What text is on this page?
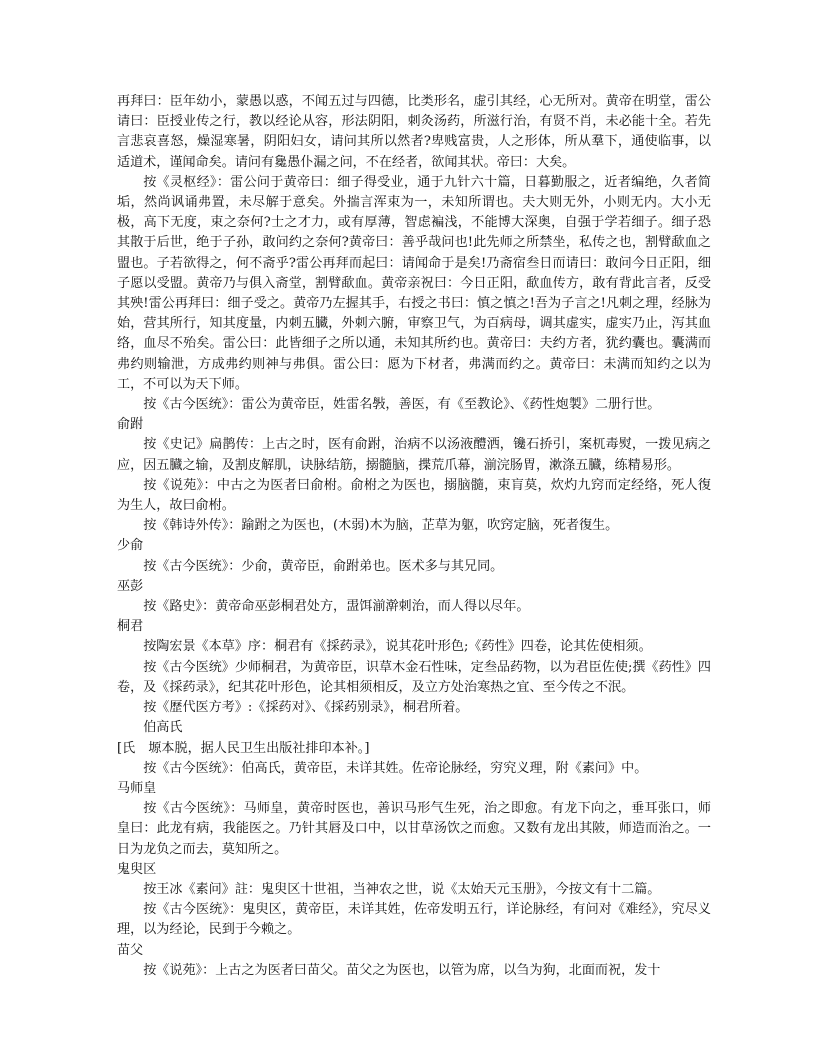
再拜曰：臣年幼小，蒙愚以惑，不闻五过与四德，比类形名，虚引其经，心无所对。黄帝在明堂，雷公请曰：臣授业传之行，教以经论从容，形法阴阳，刺灸汤药，所滋行治，有贤不肖，未必能十全。若先言悲哀喜怒，燥湿寒暑，阴阳妇女，请问其所以然者?卑贱富贵，人之形体，所从羣下，通使临事，以适道术，谨闻命矣。请问有毚愚仆漏之问，不在经者，欲闻其状。帝曰：大矣。

按《灵枢经》：雷公问于黄帝曰：细子得受业，通于九针六十篇，日暮勤服之，近者编绝，久者简垢，然尚讽诵弗置，未尽解于意矣。外揣言浑束为一，未知所谓也。夫大则无外，小则无内。大小无极，高下无度，束之奈何?士之才力，或有厚薄，智虑褊浅，不能博大深奥，自强于学若细子。细子恐其散于后世，绝于子孙，敢问约之奈何?黄帝曰：善乎哉问也!此先师之所禁坐，私传之也，割臂歃血之盟也。子若欲得之，何不斋乎?雷公再拜而起曰：请闻命于是矣!乃斋宿叁日而请曰：敢问今日正阳，细子愿以受盟。黄帝乃与俱入斋堂，割臂歃血。黄帝亲祝曰：今日正阳，歃血传方，敢有背此言者，反受其殃!雷公再拜曰：细子受之。黄帝乃左握其手，右授之书曰：慎之慎之!吾为子言之!凡刺之理，经脉为始，营其所行，知其度量，内刺五臓，外刺六腑，审察卫气，为百病母，调其虚实，虚实乃止，泻其血络，血尽不殆矣。雷公曰：此皆细子之所以通，未知其所约也。黄帝曰：夫约方者，犹约囊也。囊满而弗约则输泄，方成弗约则神与弗俱。雷公曰：愿为下材者，弗满而约之。黄帝曰：未满而知约之以为工，不可以为天下师。

按《古今医统》：雷公为黄帝臣，姓雷名斅，善医，有《至教论》、《药性炮製》二册行世。

俞跗

按《史记》扁鹊传：上古之时，医有俞跗，治病不以汤液醴洒，镵石挢引，案杌毒熨，一拨见病之应，因五臓之输，及割皮解肌，诀脉结筋，搦髓脑，揲荒爪幕，湔浣肠胃，漱涤五臓，练精易形。

按《说苑》：中古之为医者曰俞柎。俞柎之为医也，搦脑髓，束肓莫，炊灼九窍而定经络，死人復为生人，故曰俞柎。

按《韩诗外传》：踰跗之为医也，(木弱)木为脑，芷草为躯，吹窍定脑，死者復生。

少俞

按《古今医统》：少俞，黄帝臣，俞跗弟也。医术多与其兄同。

巫彭

按《路史》：黄帝命巫彭桐君处方，盄饵湔澣刺治，而人得以尽年。

桐君

按陶宏景《本草》序：桐君有《採药录》，说其花叶形色;《药性》四卷，论其佐使相须。

按《古今医统》少师桐君，为黄帝臣，识草木金石性味，定叁品药物，以为君臣佐使;撰《药性》四卷，及《採药录》，纪其花叶形色，论其相须相反，及立方处治寒热之宜、至今传之不泯。

按《歷代医方考》:《採药对》、《採药别录》，桐君所着。

伯高氏

[氏　塬本脱，据人民卫生出版社排印本补。]

按《古今医统》：伯高氏，黄帝臣，未详其姓。佐帝论脉经，穷究义理，附《素问》中。

马师皇

按《古今医统》：马师皇，黄帝时医也，善识马形气生死，治之即愈。有龙下向之，垂耳张口，师皇曰：此龙有病，我能医之。乃针其唇及口中，以甘草汤饮之而愈。又数有龙出其陂，师造而治之。一日为龙负之而去，莫知所之。

鬼臾区

按王冰《素问》註：鬼臾区十世祖，当神农之世，说《太始天元玉册》，今按文有十二篇。

按《古今医统》：鬼臾区，黄帝臣，未详其姓，佐帝发明五行，详论脉经，有问对《难经》，究尽义理，以为经论，民到于今赖之。

苗父

按《说苑》：上古之为医者曰苗父。苗父之为医也，以管为席，以刍为狗，北面而祝，发十
